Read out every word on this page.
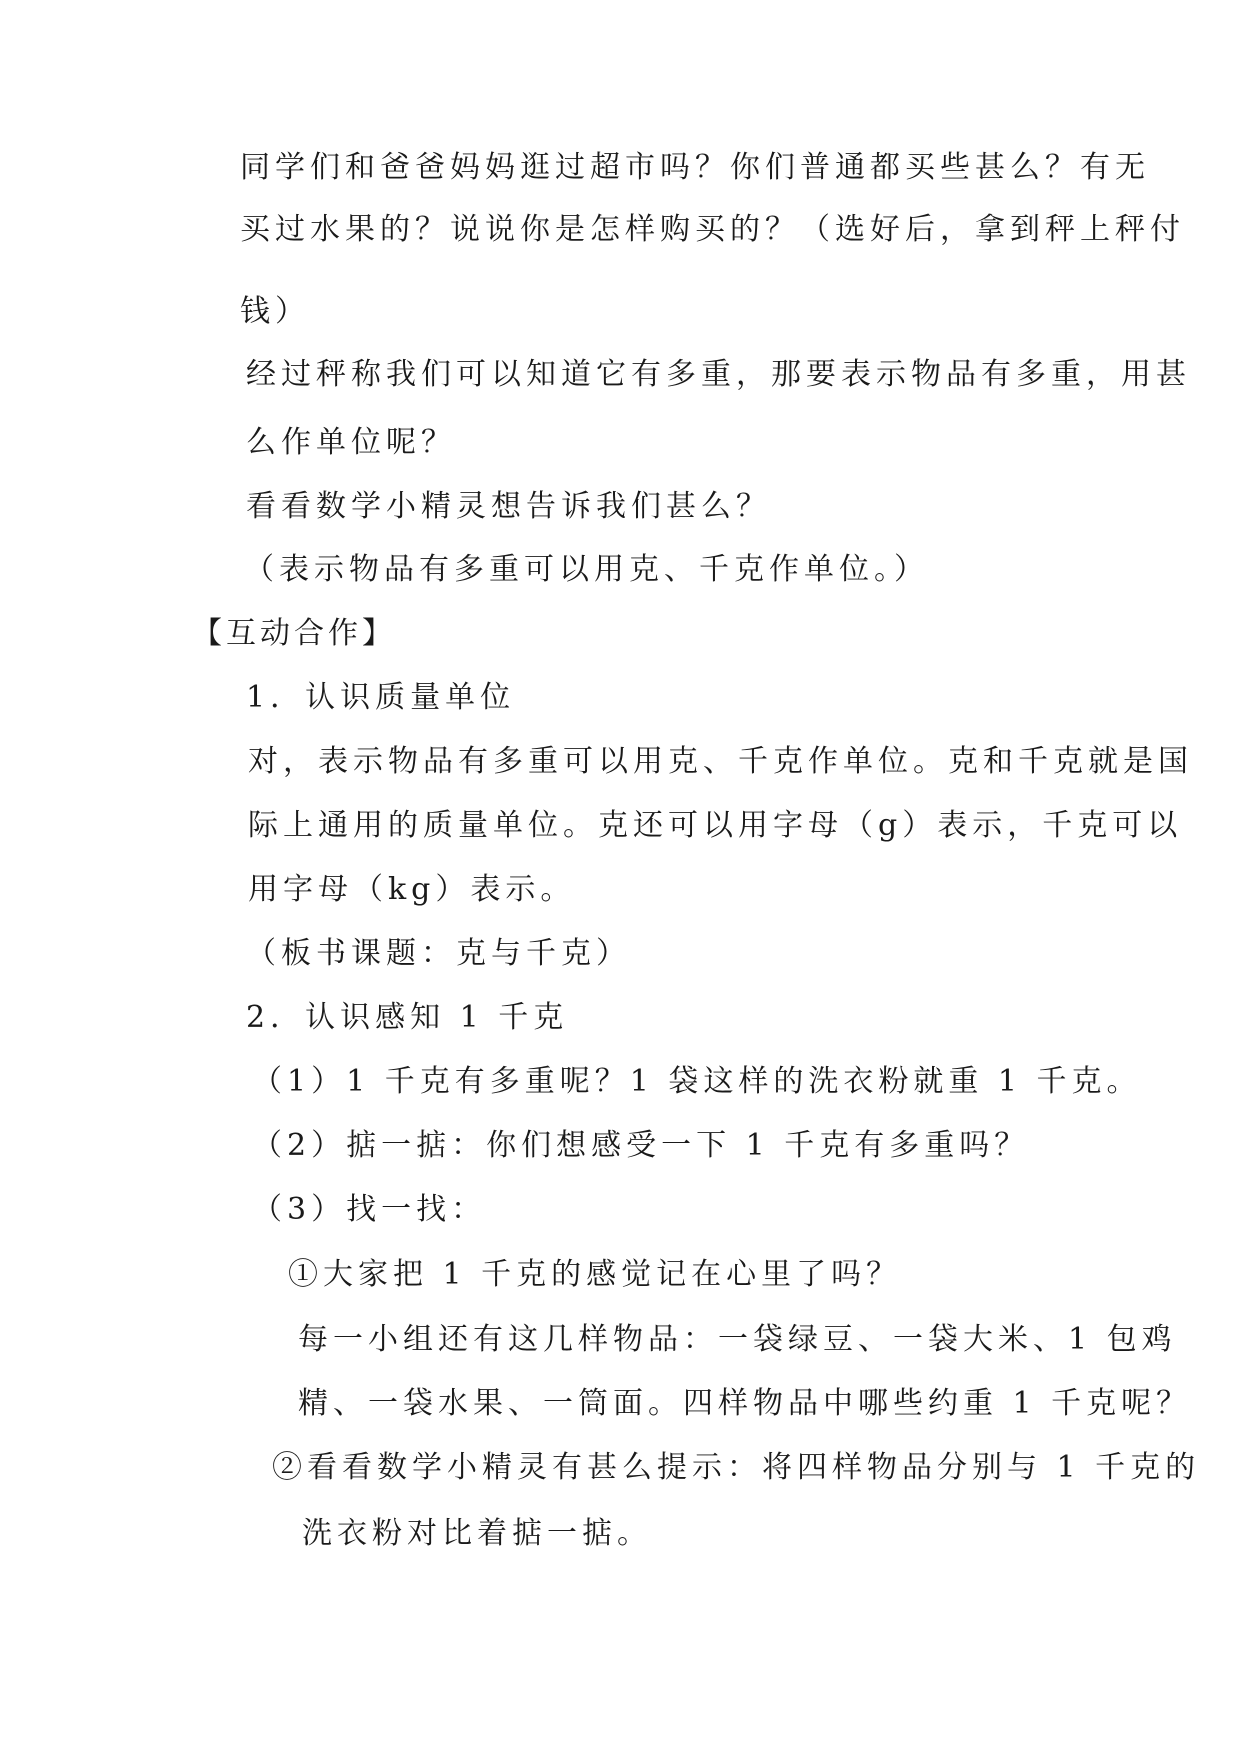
同学们和爸爸妈妈逛过超市吗？你们普通都买些甚么？有无
买过水果的？说说你是怎样购买的？（选好后，拿到秤上秤付
钱）
经过秤称我们可以知道它有多重，那要表示物品有多重，用甚
么作单位呢？
看看数学小精灵想告诉我们甚么？
（表示物品有多重可以用克、千克作单位。）
【互动合作】
1．认识质量单位
对，表示物品有多重可以用克、千克作单位。克和千克就是国
际上通用的质量单位。克还可以用字母（g）表示，千克可以
用字母（kg）表示。
（板书课题：克与千克）
2．认识感知 1 千克
（1）1 千克有多重呢？1 袋这样的洗衣粉就重 1 千克。
（2）掂一掂：你们想感受一下 1 千克有多重吗？
（3）找一找：
①大家把 1 千克的感觉记在心里了吗？
每一小组还有这几样物品：一袋绿豆、一袋大米、1 包鸡
精、一袋水果、一筒面。四样物品中哪些约重 1 千克呢？
②看看数学小精灵有甚么提示：将四样物品分别与 1 千克的
洗衣粉对比着掂一掂。
